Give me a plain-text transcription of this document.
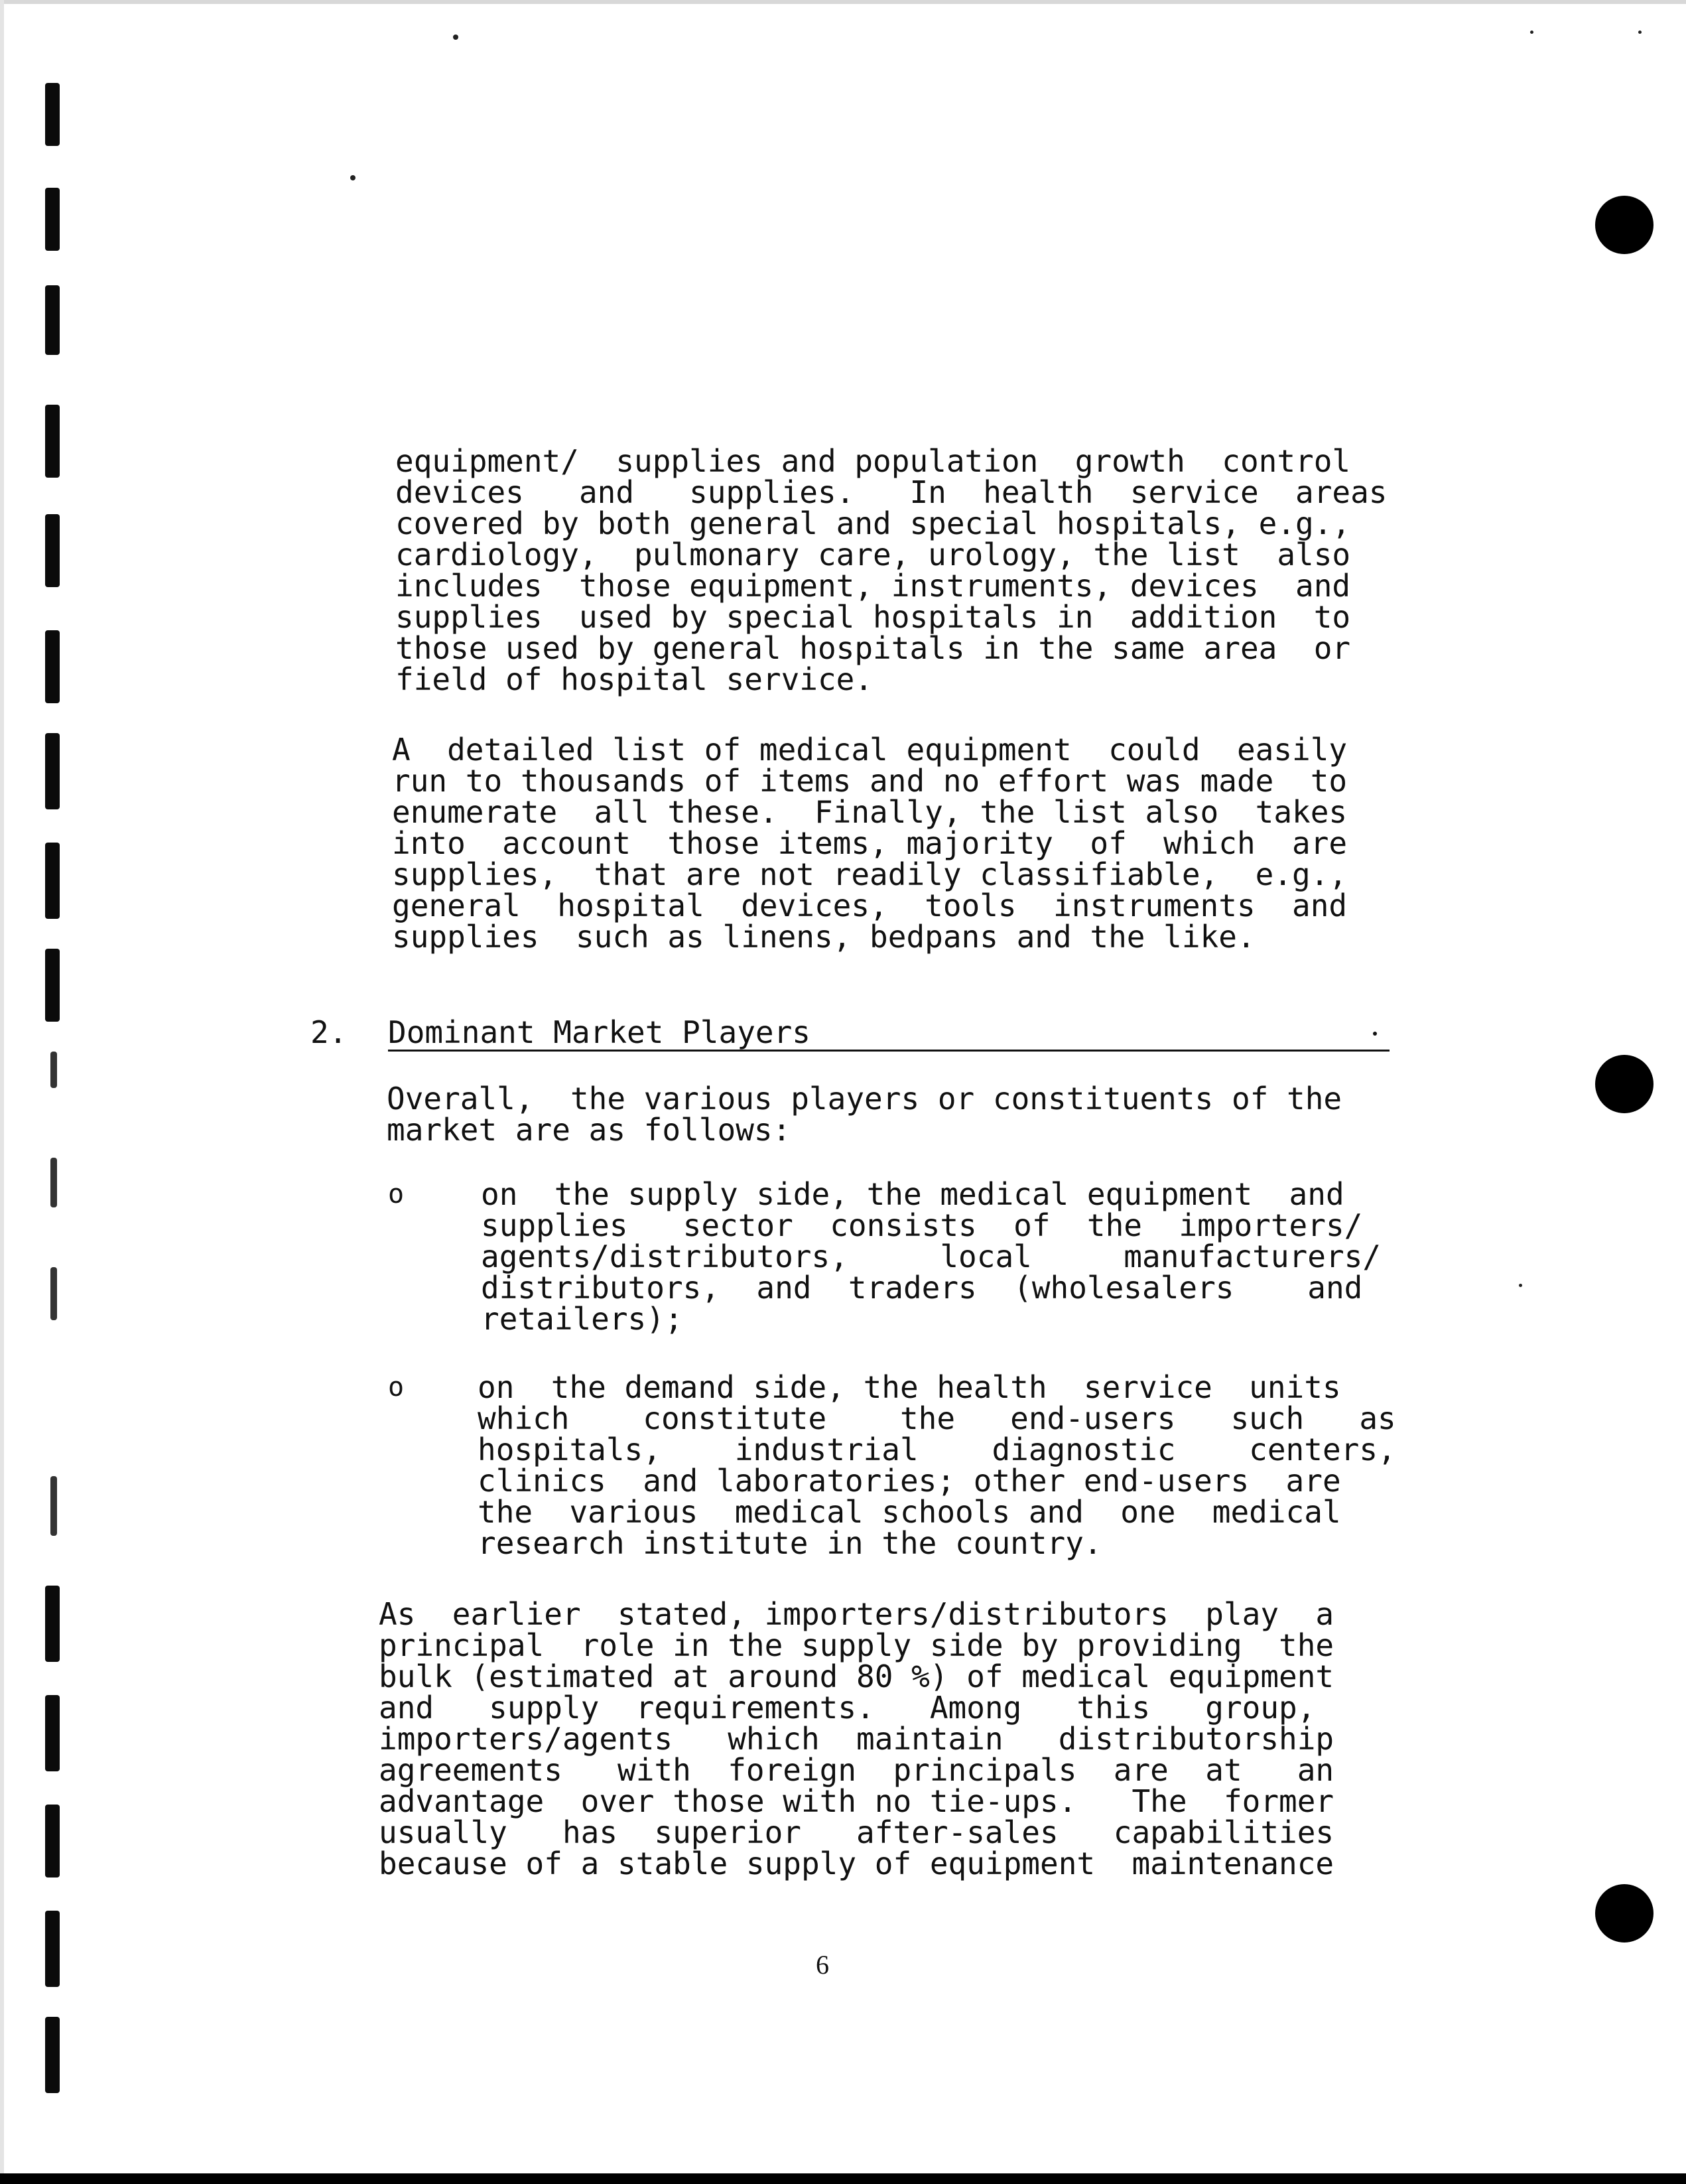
equipment/  supplies and population  growth  control
devices   and   supplies.   In  health  service  areas
covered by both general and special hospitals, e.g.,
cardiology,  pulmonary care, urology, the list  also
includes  those equipment, instruments, devices  and
supplies  used by special hospitals in  addition  to
those used by general hospitals in the same area  or
field of hospital service.
A  detailed list of medical equipment  could  easily
run to thousands of items and no effort was made  to
enumerate  all these.  Finally, the list also  takes
into  account  those items, majority  of  which  are
supplies,  that are not readily classifiable,  e.g.,
general  hospital  devices,  tools  instruments  and
supplies  such as linens, bedpans and the like.
2. Dominant Market Players
Overall,  the various players or constituents of the
market are as follows:
o	on  the supply side, the medical equipment  and
supplies   sector  consists  of  the  importers/
agents/distributors,     local     manufacturers/
distributors,  and  traders  (wholesalers    and
retailers);
o on  the demand side, the health  service  units
which    constitute    the   end-users   such   as
hospitals,    industrial    diagnostic    centers,
clinics  and laboratories; other end-users  are
the  various  medical schools and  one  medical
research institute in the country.
As  earlier  stated, importers/distributors  play  a
principal  role in the supply side by providing  the
bulk (estimated at around 80 %) of medical equipment
and   supply  requirements.   Among   this   group,
importers/agents   which  maintain   distributorship
agreements   with  foreign  principals  are  at   an
advantage  over those with no tie-ups.   The  former
usually   has  superior   after-sales   capabilities
because of a stable supply of equipment  maintenance
6
